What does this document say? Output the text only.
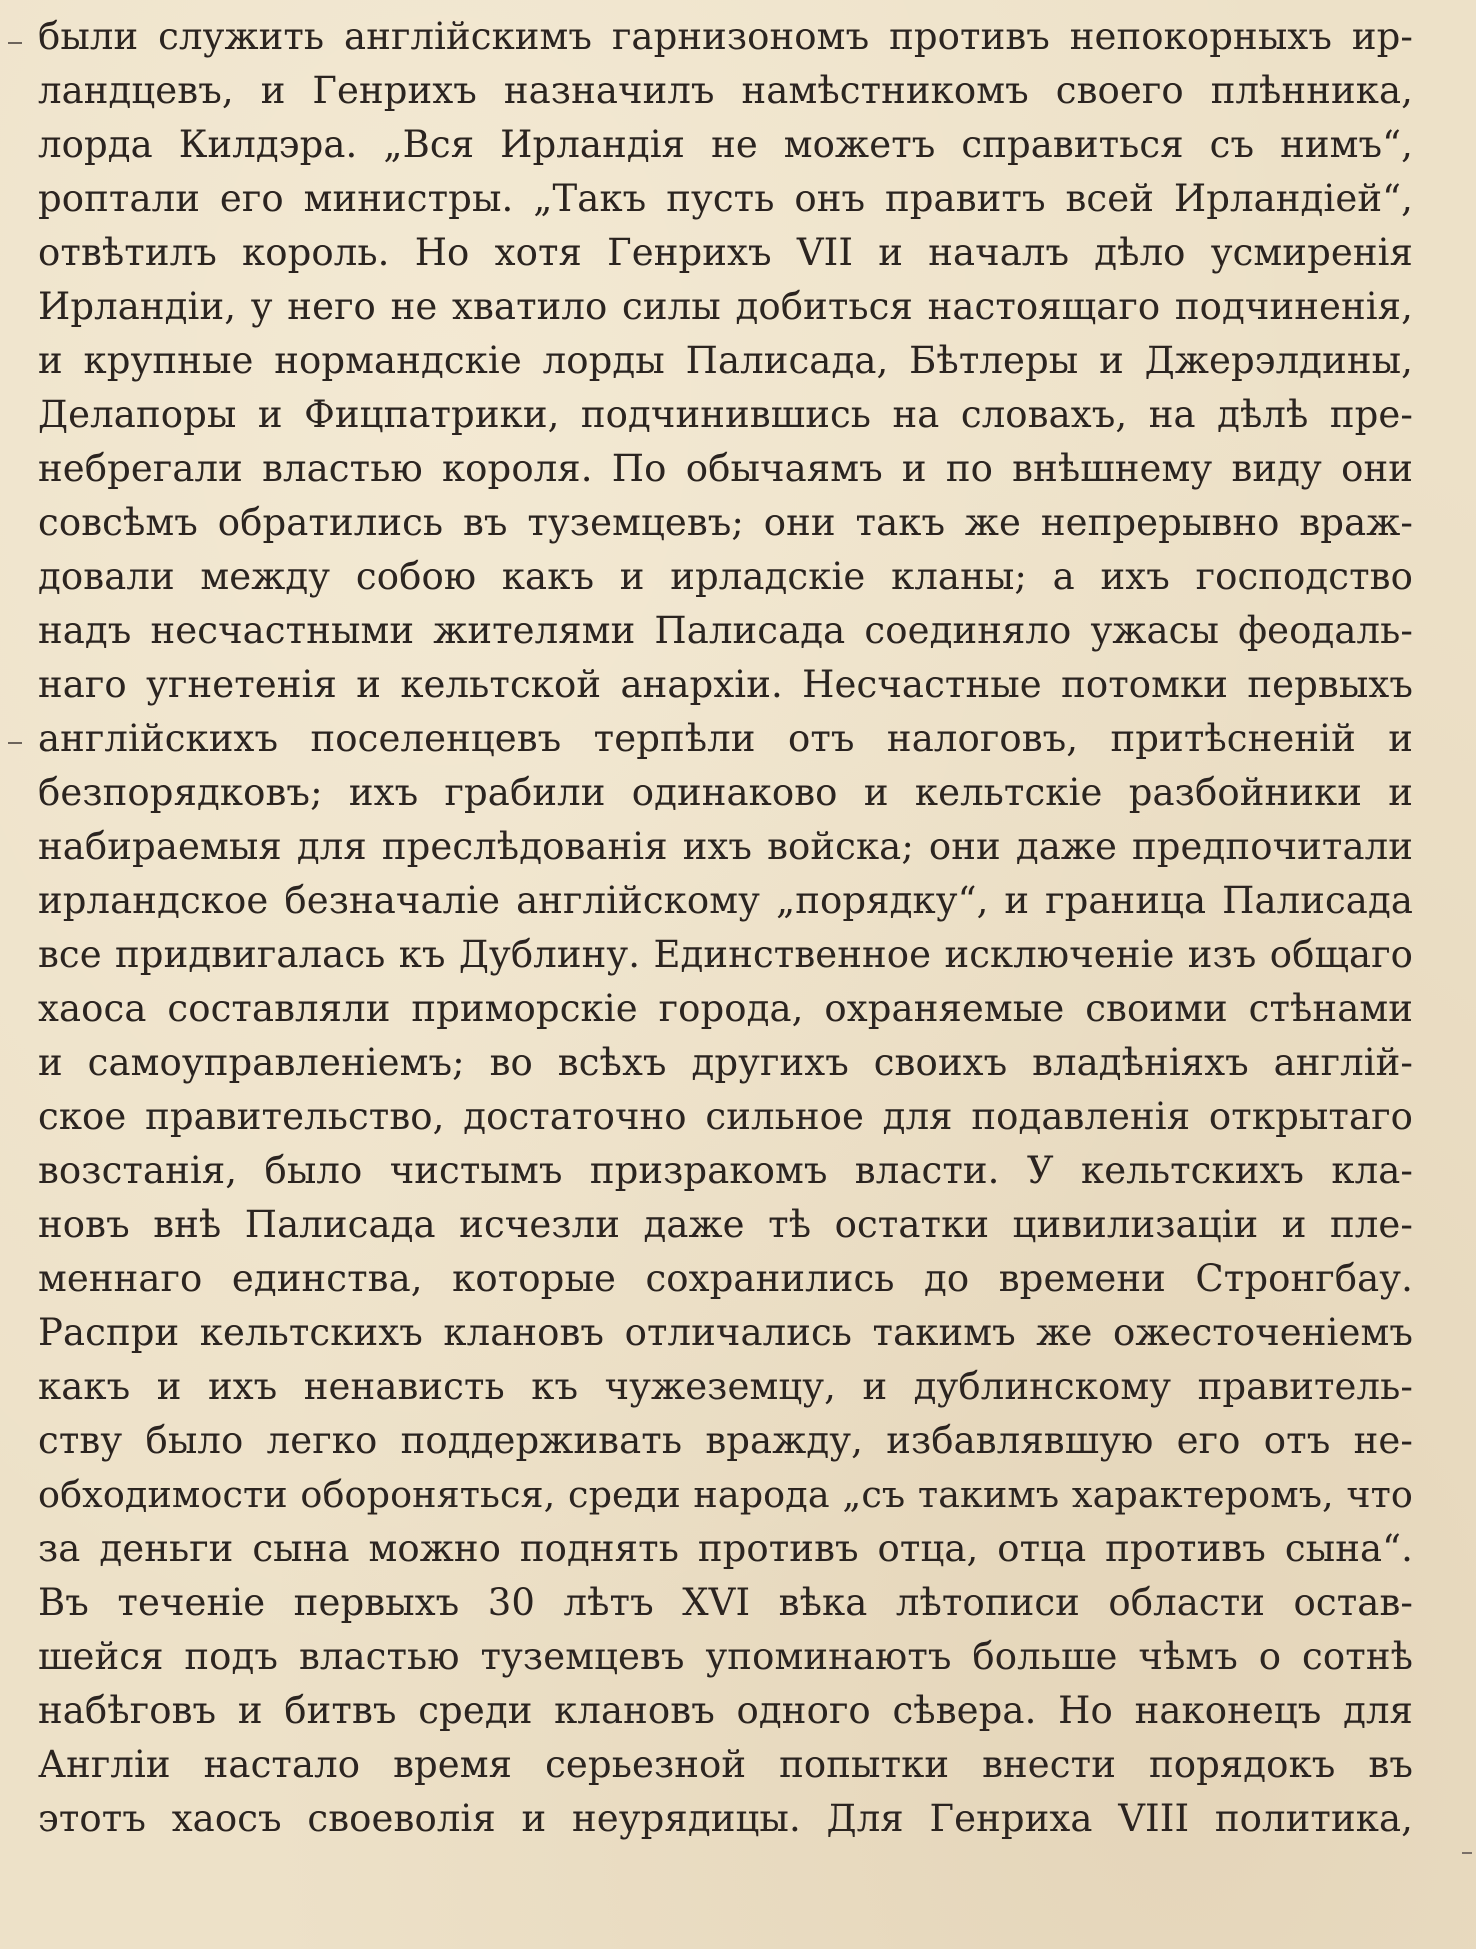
были служить англійскимъ гарнизономъ противъ непокорныхъ ир-
ландцевъ, и Генрихъ назначилъ намѣстникомъ своего плѣнника,
лорда Килдэра. „Вся Ирландія не можетъ справиться съ нимъ“,
роптали его министры. „Такъ пусть онъ правитъ всей Ирландіей“,
отвѣтилъ король. Но хотя Генрихъ VII и началъ дѣло усмиренія
Ирландіи, у него не хватило силы добиться настоящаго подчиненія,
и крупные нормандскіе лорды Палисада, Бѣтлеры и Джерэлдины,
Делапоры и Фицпатрики, подчинившись на словахъ, на дѣлѣ пре-
небрегали властью короля. По обычаямъ и по внѣшнему виду они
совсѣмъ обратились въ туземцевъ; они такъ же непрерывно враж-
довали между собою какъ и ирладскіе кланы; а ихъ господство
надъ несчастными жителями Палисада соединяло ужасы феодаль-
наго угнетенія и кельтской анархіи. Несчастные потомки первыхъ
англійскихъ поселенцевъ терпѣли отъ налоговъ, притѣсненій и
безпорядковъ; ихъ грабили одинаково и кельтскіе разбойники и
набираемыя для преслѣдованія ихъ войска; они даже предпочитали
ирландское безначаліе англійскому „порядку“, и граница Палисада
все придвигалась къ Дублину. Единственное исключеніе изъ общаго
хаоса составляли приморскіе города, охраняемые своими стѣнами
и самоуправленіемъ; во всѣхъ другихъ своихъ владѣніяхъ англій-
ское правительство, достаточно сильное для подавленія открытаго
возстанія, было чистымъ призракомъ власти. У кельтскихъ кла-
новъ внѣ Палисада исчезли даже тѣ остатки цивилизаціи и пле-
меннаго единства, которые сохранились до времени Стронгбау.
Распри кельтскихъ клановъ отличались такимъ же ожесточеніемъ
какъ и ихъ ненависть къ чужеземцу, и дублинскому правитель-
ству было легко поддерживать вражду, избавлявшую его отъ не-
обходимости обороняться, среди народа „съ такимъ характеромъ, что
за деньги сына можно поднять противъ отца, отца противъ сына“.
Въ теченіе первыхъ 30 лѣтъ XVI вѣка лѣтописи области остав-
шейся подъ властью туземцевъ упоминаютъ больше чѣмъ о сотнѣ
набѣговъ и битвъ среди клановъ одного сѣвера. Но наконецъ для
Англіи настало время серьезной попытки внести порядокъ въ
этотъ хаосъ своеволія и неурядицы. Для Генриха VIII политика,
